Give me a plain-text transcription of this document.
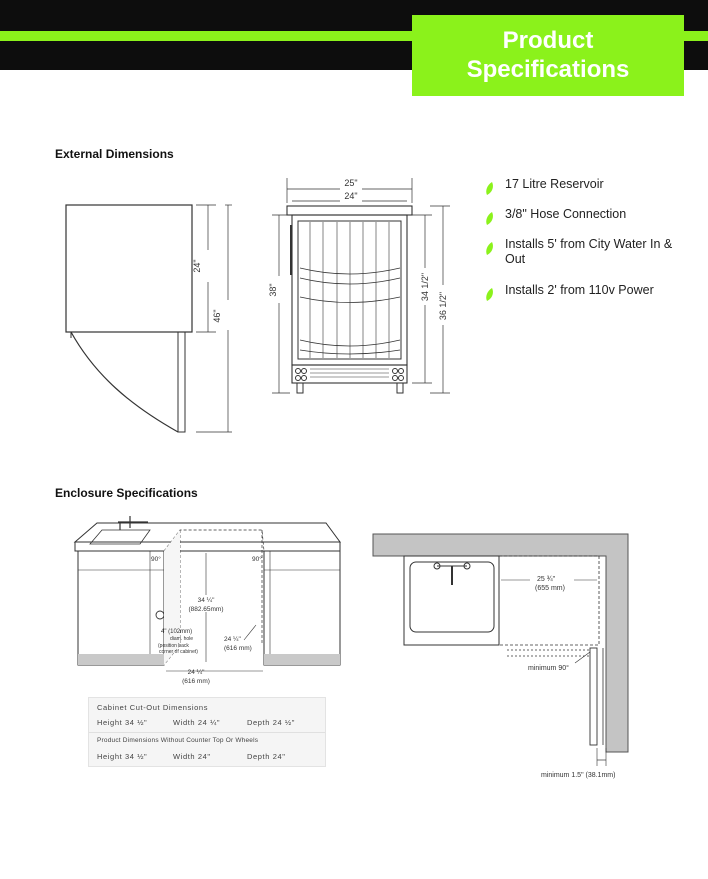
Product
Specifications
External Dimensions
Enclosure Specifications
24"
46"
25"
24"
38"	34 1/2"
36 1/2"
90°	90°
34 ¼"
(882.65mm)
4" (102mm)
diam. hole
(position back
corner of cabinet)
24 ¼"
(616 mm)
24 ¼"
(616 mm)
25 ¾"
(655 mm)
minimum 90°
minimum 1.5" (38.1mm)
17 Litre Reservoir
3/8" Hose Connection
Installs 5' from City Water In & Out
Installs 2' from 110v Power
Cabinet Cut-Out Dimensions
Height 34 ½"	Width 24 ¼"	Depth 24 ½"
Product Dimensions Without Counter Top Or Wheels
Height 34 ½"	Width 24"	Depth 24"
